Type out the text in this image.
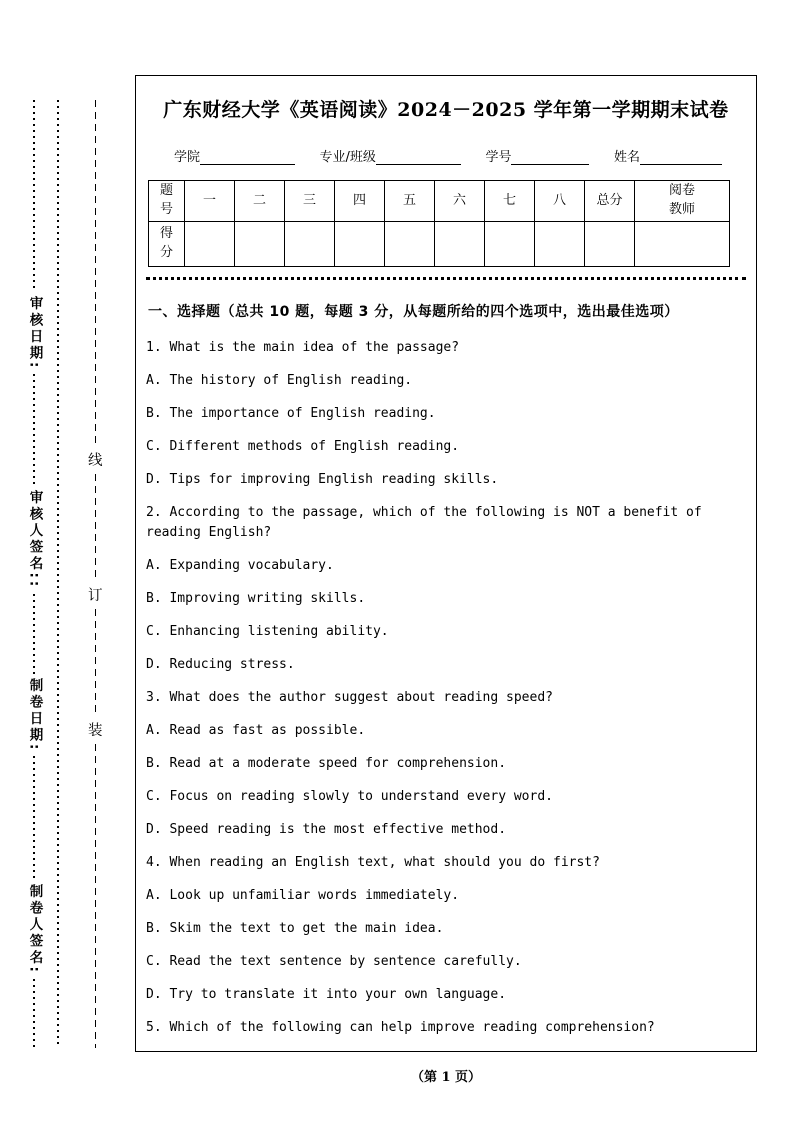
审核日期:
审核人签名::
制卷日期:
制卷人签名:
线
订
装
广东财经大学《英语阅读》2024－2025 学年第一学期期末试卷
学院	专业/班级	学号	姓名
题号	一	二	三	四	五	六	七	八	总分	阅卷教师
得分										
一、选择题（总共 10 题，每题 3 分，从每题所给的四个选项中，选出最佳选项）

1. What is the main idea of the passage?

A. The history of English reading.

B. The importance of English reading.

C. Different methods of English reading.

D. Tips for improving English reading skills.

2. According to the passage, which of the following is NOT a benefit of reading English?

A. Expanding vocabulary.

B. Improving writing skills.

C. Enhancing listening ability.

D. Reducing stress.

3. What does the author suggest about reading speed?

A. Read as fast as possible.

B. Read at a moderate speed for comprehension.

C. Focus on reading slowly to understand every word.

D. Speed reading is the most effective method.

4. When reading an English text, what should you do first?

A. Look up unfamiliar words immediately.

B. Skim the text to get the main idea.

C. Read the text sentence by sentence carefully.

D. Try to translate it into your own language.

5. Which of the following can help improve reading comprehension?

（第 1 页）
